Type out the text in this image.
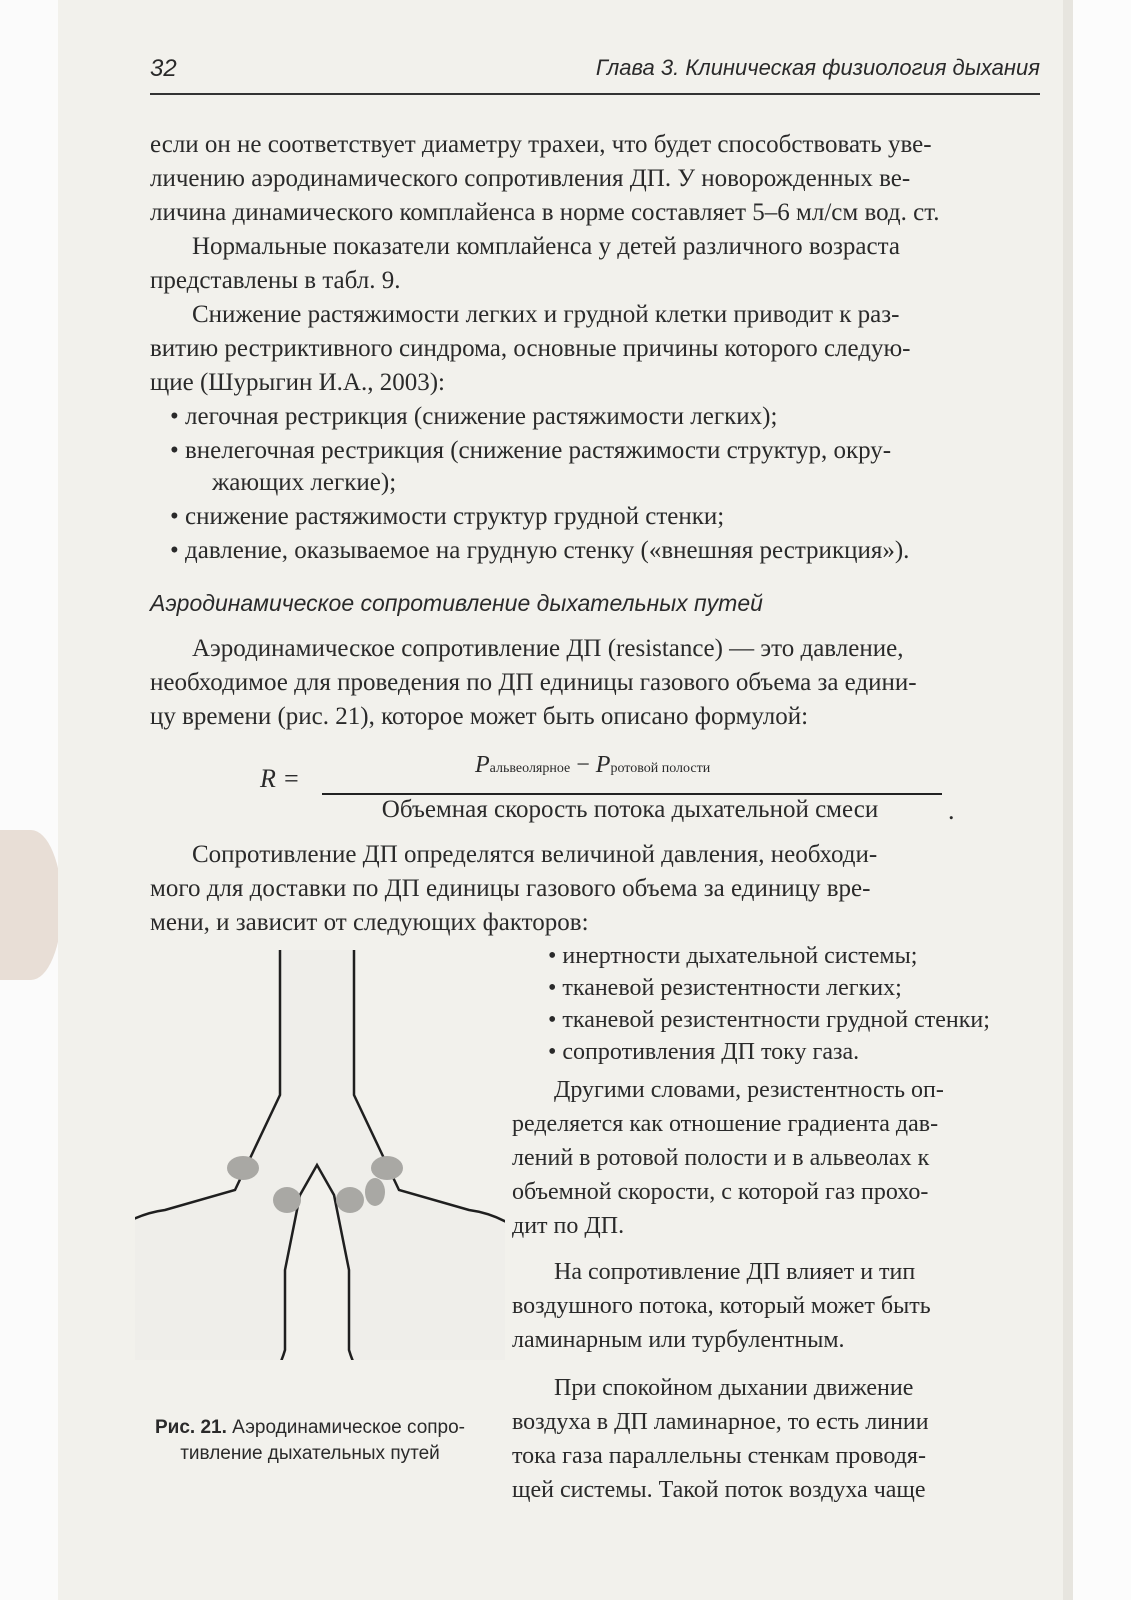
32	Глава 3. Клиническая физиология дыхания
если он не соответствует диаметру трахеи, что будет способствовать уве-
личению аэродинамического сопротивления ДП. У новорожденных ве-
личина динамического комплайенса в норме составляет 5–6 мл/см вод. ст.
Нормальные показатели комплайенса у детей различного возраста
представлены в табл. 9.
Снижение растяжимости легких и грудной клетки приводит к раз-
витию рестриктивного синдрома, основные причины которого следую-
щие (Шурыгин И.А., 2003):
• легочная рестрикция (снижение растяжимости легких);
• внелегочная рестрикция (снижение растяжимости структур, окру-
жающих легкие);
• снижение растяжимости структур грудной стенки;
• давление, оказываемое на грудную стенку («внешняя рестрикция»).
Аэродинамическое сопротивление дыхательных путей
Аэродинамическое сопротивление ДП (resistance) — это давление,
необходимое для проведения по ДП единицы газового объема за едини-
цу времени (рис. 21), которое может быть описано формулой:
R =	Pальвеолярное − Pротовой полости
Объемная скорость потока дыхательной смеси	.
Сопротивление ДП определятся величиной давления, необходи-
мого для доставки по ДП единицы газового объема за единицу вре-
мени, и зависит от следующих факторов:
• инертности дыхательной системы;
• тканевой резистентности легких;
• тканевой резистентности грудной стенки;
• сопротивления ДП току газа.
Другими словами, резистентность оп-
ределяется как отношение градиента дав-
лений в ротовой полости и в альвеолах к
объемной скорости, с которой газ прохо-
дит по ДП.
На сопротивление ДП влияет и тип
воздушного потока, который может быть
ламинарным или турбулентным.
При спокойном дыхании движение
воздуха в ДП ламинарное, то есть линии
тока газа параллельны стенкам проводя-
щей системы. Такой поток воздуха чаще
Рис. 21. Аэродинамическое сопро-
тивление дыхательных путей
